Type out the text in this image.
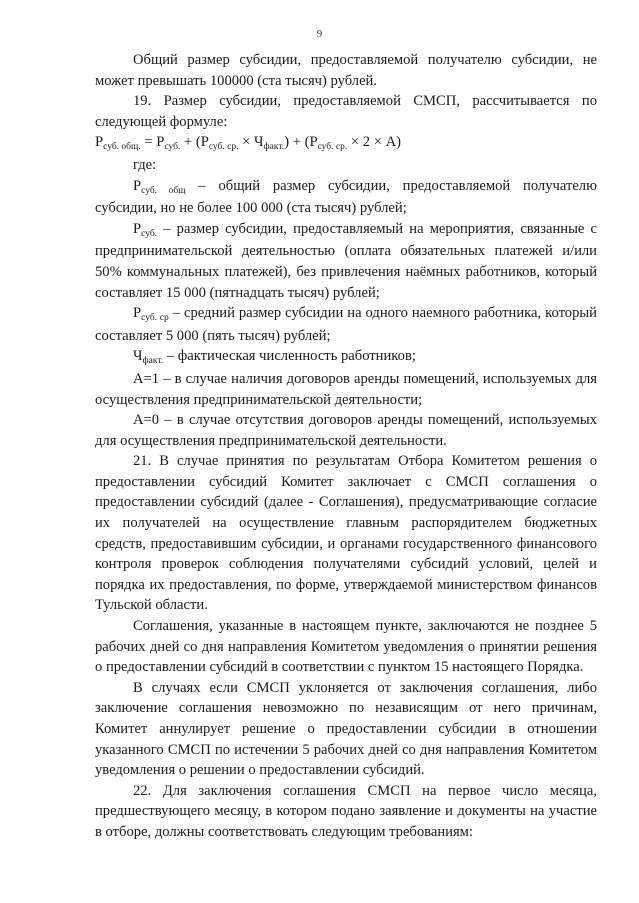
9

Общий размер субсидии, предоставляемой получателю субсидии, не может превышать 100000 (ста тысяч) рублей.

19. Размер субсидии, предоставляемой СМСП, рассчитывается по следующей формуле:

$P_{суб. общ.} = P_{суб.} + (P_{суб. ср.} \times Ч_{факт.}) + (P_{суб. ср.} \times 2 \times А)$

где:

$P_{суб. общ}$ – общий размер субсидии, предоставляемой получателю субсидии, но не более 100 000 (ста тысяч) рублей;

$P_{суб.}$ – размер субсидии, предоставляемый на мероприятия, связанные с предпринимательской деятельностью (оплата обязательных платежей и/или 50% коммунальных платежей), без привлечения наёмных работников, который составляет 15 000 (пятнадцать тысяч) рублей;

$P_{суб. ср}$ – средний размер субсидии на одного наемного работника, который составляет 5 000 (пять тысяч) рублей;

$Ч_{факт.}$ – фактическая численность работников;

А=1 – в случае наличия договоров аренды помещений, используемых для осуществления предпринимательской деятельности;

А=0 – в случае отсутствия договоров аренды помещений, используемых для осуществления предпринимательской деятельности.

21. В случае принятия по результатам Отбора Комитетом решения о предоставлении субсидий Комитет заключает с СМСП соглашения о предоставлении субсидий (далее - Соглашения), предусматривающие согласие их получателей на осуществление главным распорядителем бюджетных средств, предоставившим субсидии, и органами государственного финансового контроля проверок соблюдения получателями субсидий условий, целей и порядка их предоставления, по форме, утверждаемой министерством финансов Тульской области.

Соглашения, указанные в настоящем пункте, заключаются не позднее 5 рабочих дней со дня направления Комитетом уведомления о принятии решения о предоставлении субсидий в соответствии с пунктом 15 настоящего Порядка.

В случаях если СМСП уклоняется от заключения соглашения, либо заключение соглашения невозможно по независящим от него причинам, Комитет аннулирует решение о предоставлении субсидии в отношении указанного СМСП по истечении 5 рабочих дней со дня направления Комитетом уведомления о решении о предоставлении субсидий.

22. Для заключения соглашения СМСП на первое число месяца, предшествующего месяцу, в котором подано заявление и документы на участие в отборе, должны соответствовать следующим требованиям:
